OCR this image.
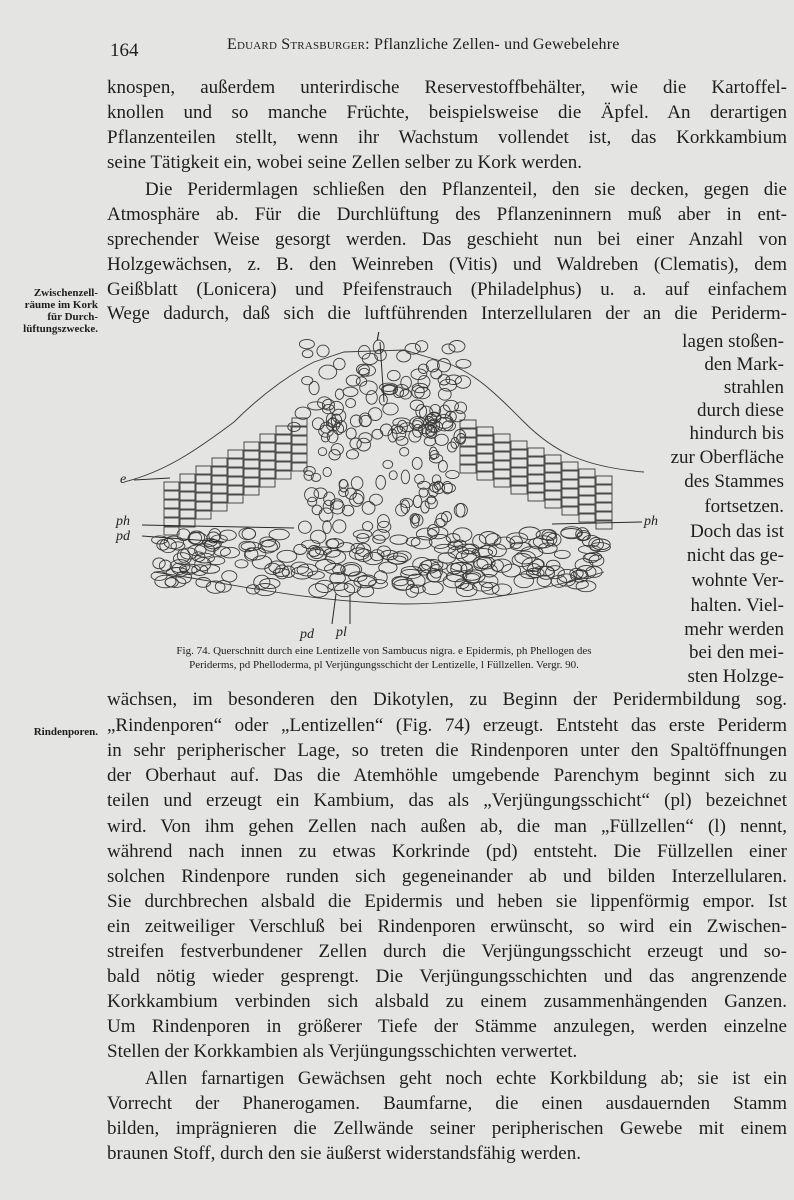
164	Eduard Strasburger: Pflanzliche Zellen- und Gewebelehre
knospen, außerdem unterirdische Reservestoffbehälter, wie die Kartoffel-
knollen und so manche Früchte, beispielsweise die Äpfel. An derartigen
Pflanzenteilen stellt, wenn ihr Wachstum vollendet ist, das Korkkambium
seine Tätigkeit ein, wobei seine Zellen selber zu Kork werden.
Die Peridermlagen schließen den Pflanzenteil, den sie decken, gegen die
Atmosphäre ab. Für die Durchlüftung des Pflanzeninnern muß aber in ent-
sprechender Weise gesorgt werden. Das geschieht nun bei einer Anzahl von
Holzgewächsen, z. B. den Weinreben (Vitis) und Waldreben (Clematis), dem
Geißblatt (Lonicera) und Pfeifenstrauch (Philadelphus) u. a. auf einfachem
Wege dadurch, daß sich die luftführenden Interzellularen der an die Periderm-
Zwischenzell-
räume im Kork
für Durch-
lüftungszwecke.
Rindenporen.
l
e
ph
pd
ph
pd pl
Fig. 74. Querschnitt durch eine Lentizelle von Sambucus nigra. e Epidermis, ph Phellogen des
Periderms, pd Phelloderma, pl Verjüngungsschicht der Lentizelle, l Füllzellen. Vergr. 90.
lagen stoßen-
den Mark-
strahlen
durch diese
hindurch bis
zur Oberfläche
des Stammes
fortsetzen.
Doch das ist
nicht das ge-
wohnte Ver-
halten. Viel-
mehr werden
bei den mei-
sten Holzge-
wächsen, im besonderen den Dikotylen, zu Beginn der Peridermbildung sog.
„Rindenporen“ oder „Lentizellen“ (Fig. 74) erzeugt. Entsteht das erste Periderm
in sehr peripherischer Lage, so treten die Rindenporen unter den Spaltöffnungen
der Oberhaut auf. Das die Atemhöhle umgebende Parenchym beginnt sich zu
teilen und erzeugt ein Kambium, das als „Verjüngungsschicht“ (pl) bezeichnet
wird. Von ihm gehen Zellen nach außen ab, die man „Füllzellen“ (l) nennt,
während nach innen zu etwas Korkrinde (pd) entsteht. Die Füllzellen einer
solchen Rindenpore runden sich gegeneinander ab und bilden Interzellularen.
Sie durchbrechen alsbald die Epidermis und heben sie lippenförmig empor. Ist
ein zeitweiliger Verschluß bei Rindenporen erwünscht, so wird ein Zwischen-
streifen festverbundener Zellen durch die Verjüngungsschicht erzeugt und so-
bald nötig wieder gesprengt. Die Verjüngungsschichten und das angrenzende
Korkkambium verbinden sich alsbald zu einem zusammenhängenden Ganzen.
Um Rindenporen in größerer Tiefe der Stämme anzulegen, werden einzelne
Stellen der Korkkambien als Verjüngungsschichten verwertet.
Allen farnartigen Gewächsen geht noch echte Korkbildung ab; sie ist ein
Vorrecht der Phanerogamen. Baumfarne, die einen ausdauernden Stamm
bilden, imprägnieren die Zellwände seiner peripherischen Gewebe mit einem
braunen Stoff, durch den sie äußerst widerstandsfähig werden.
